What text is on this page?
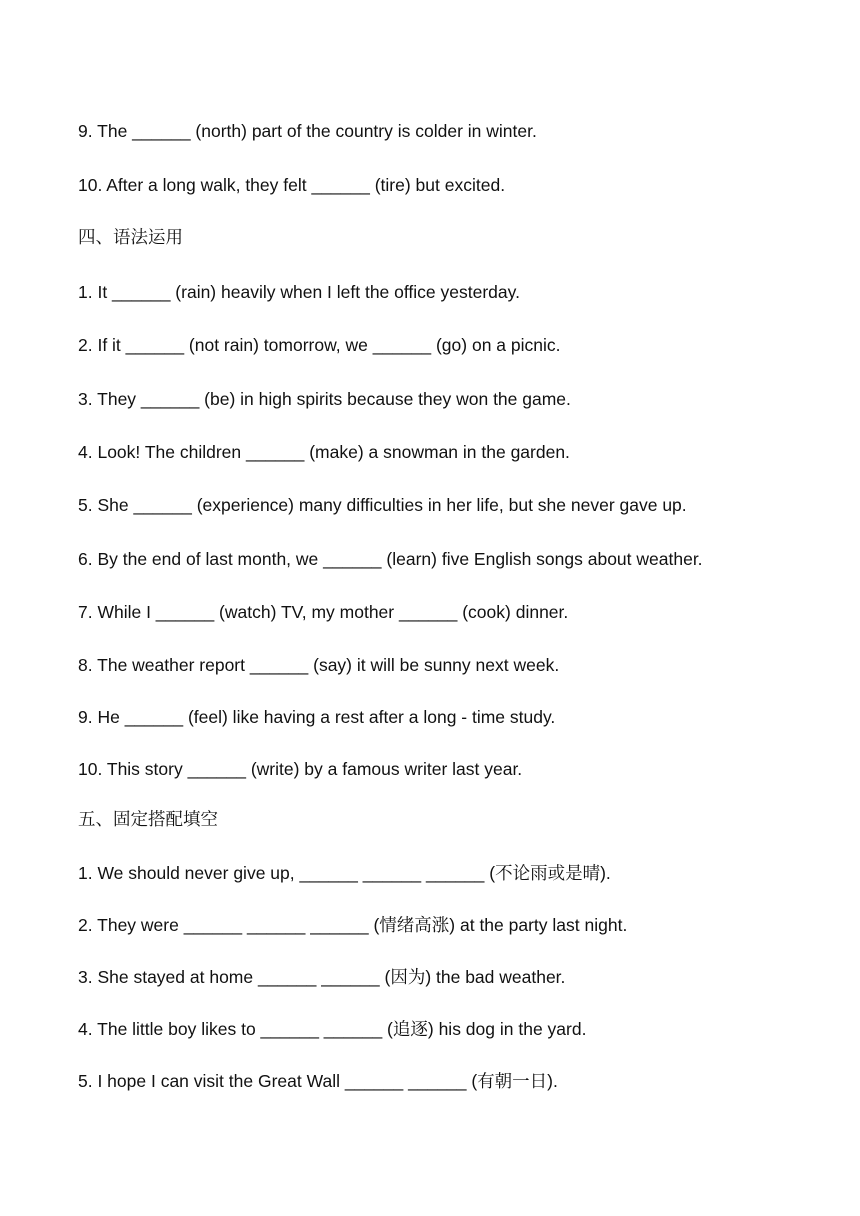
9. The ______ (north) part of the country is colder in winter.
10. After a long walk, they felt ______ (tire) but excited.
四、语法运用
1. It ______ (rain) heavily when I left the office yesterday.
2. If it ______ (not rain) tomorrow, we ______ (go) on a picnic.
3. They ______ (be) in high spirits because they won the game.
4. Look! The children ______ (make) a snowman in the garden.
5. She ______ (experience) many difficulties in her life, but she never gave up.
6. By the end of last month, we ______ (learn) five English songs about weather.
7. While I ______ (watch) TV, my mother ______ (cook) dinner.
8. The weather report ______ (say) it will be sunny next week.
9. He ______ (feel) like having a rest after a long - time study.
10. This story ______ (write) by a famous writer last year.
五、固定搭配填空
1. We should never give up, ______ ______ ______ (不论雨或是晴).
2. They were ______ ______ ______ (情绪高涨) at the party last night.
3. She stayed at home ______ ______ (因为) the bad weather.
4. The little boy likes to ______ ______ (追逐) his dog in the yard.
5. I hope I can visit the Great Wall ______ ______ (有朝一日).
